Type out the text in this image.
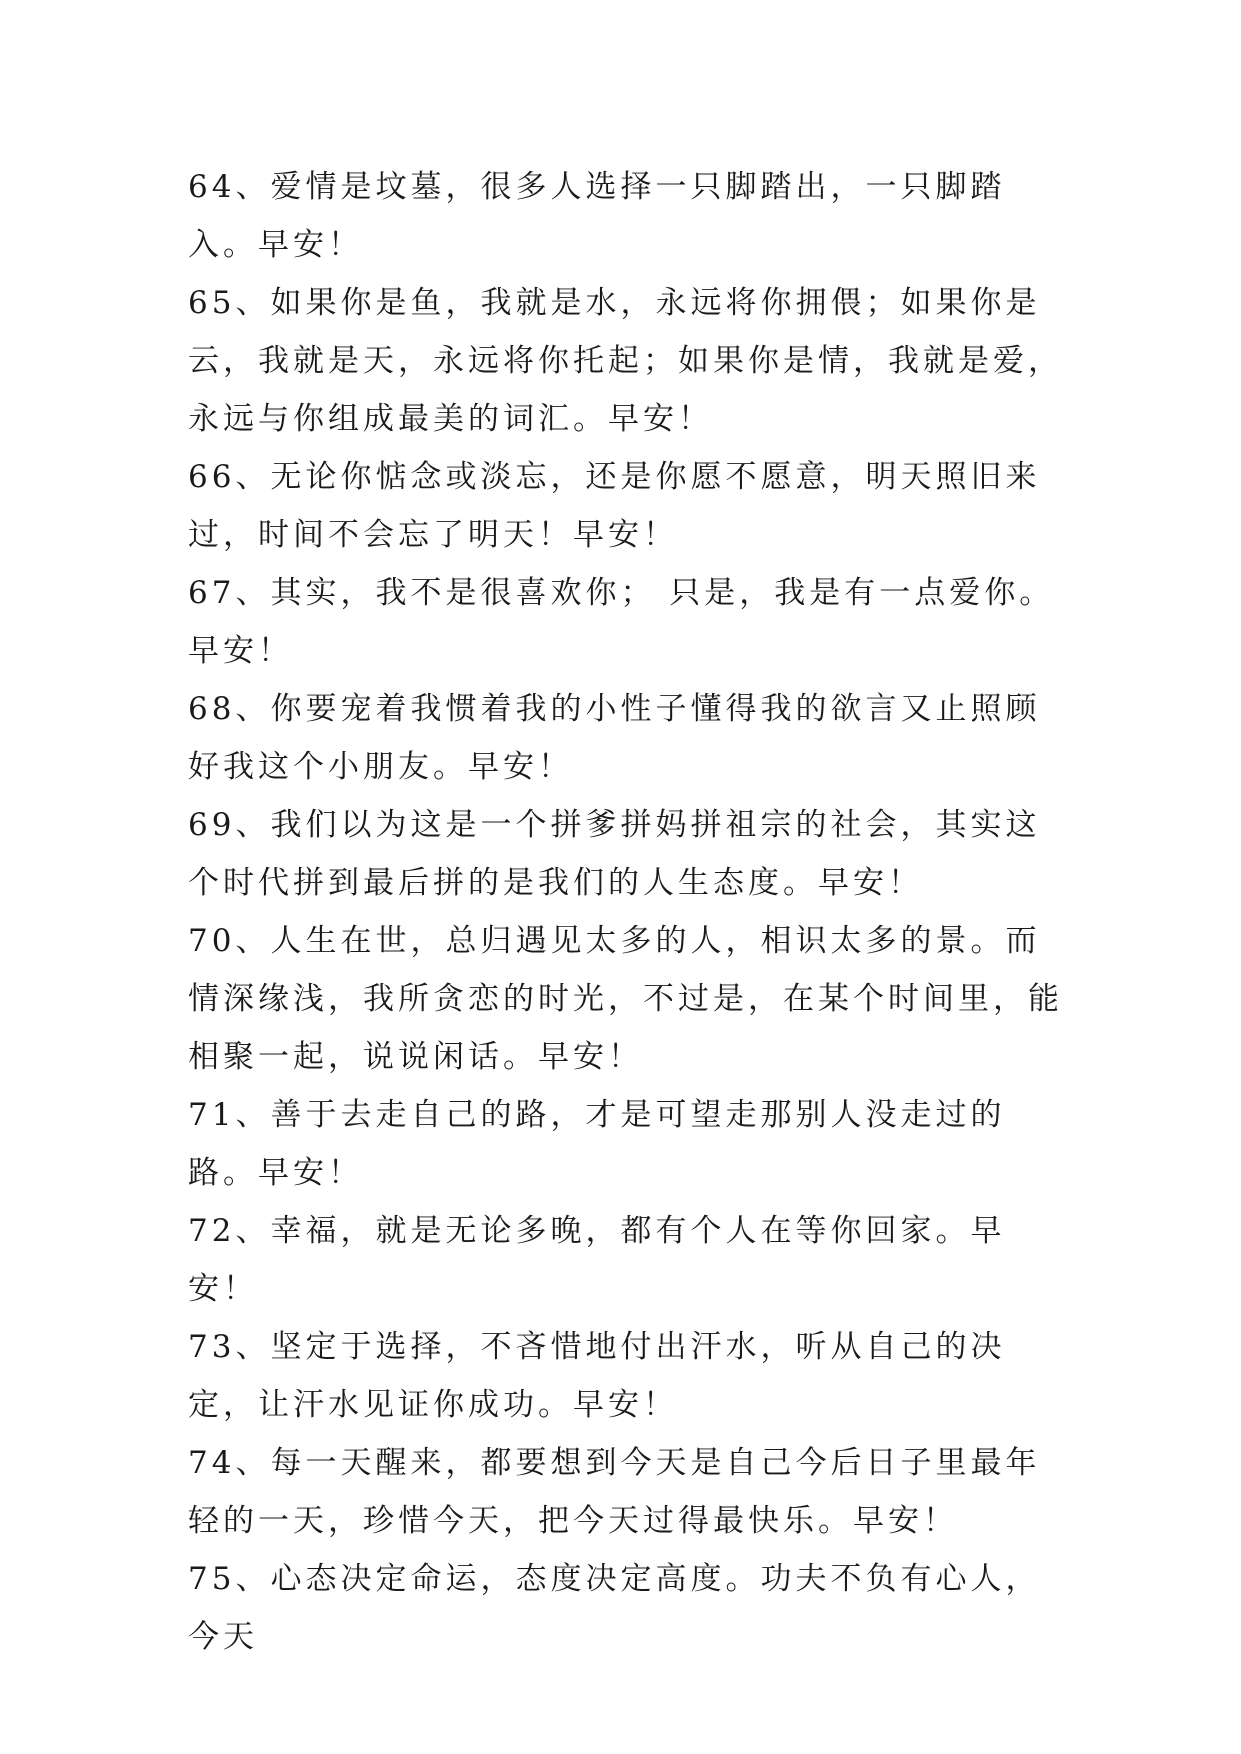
64、爱情是坟墓，很多人选择一只脚踏出，一只脚踏入。早安！

65、如果你是鱼，我就是水，永远将你拥偎；如果你是云，我就是天，永远将你托起；如果你是情，我就是爱，永远与你组成最美的词汇。早安！

66、无论你惦念或淡忘，还是你愿不愿意，明天照旧来过，时间不会忘了明天！早安！

67、其实，我不是很喜欢你； 只是，我是有一点爱你。早安！

68、你要宠着我惯着我的小性子懂得我的欲言又止照顾好我这个小朋友。早安！

69、我们以为这是一个拼爹拼妈拼祖宗的社会，其实这个时代拼到最后拼的是我们的人生态度。早安！

70、人生在世，总归遇见太多的人，相识太多的景。而情深缘浅，我所贪恋的时光，不过是，在某个时间里，能相聚一起，说说闲话。早安！

71、善于去走自己的路，才是可望走那别人没走过的路。早安！

72、幸福，就是无论多晚，都有个人在等你回家。早安！

73、坚定于选择，不吝惜地付出汗水，听从自己的决定，让汗水见证你成功。早安！

74、每一天醒来，都要想到今天是自己今后日子里最年轻的一天，珍惜今天，把今天过得最快乐。早安！

75、心态决定命运，态度决定高度。功夫不负有心人，今天
